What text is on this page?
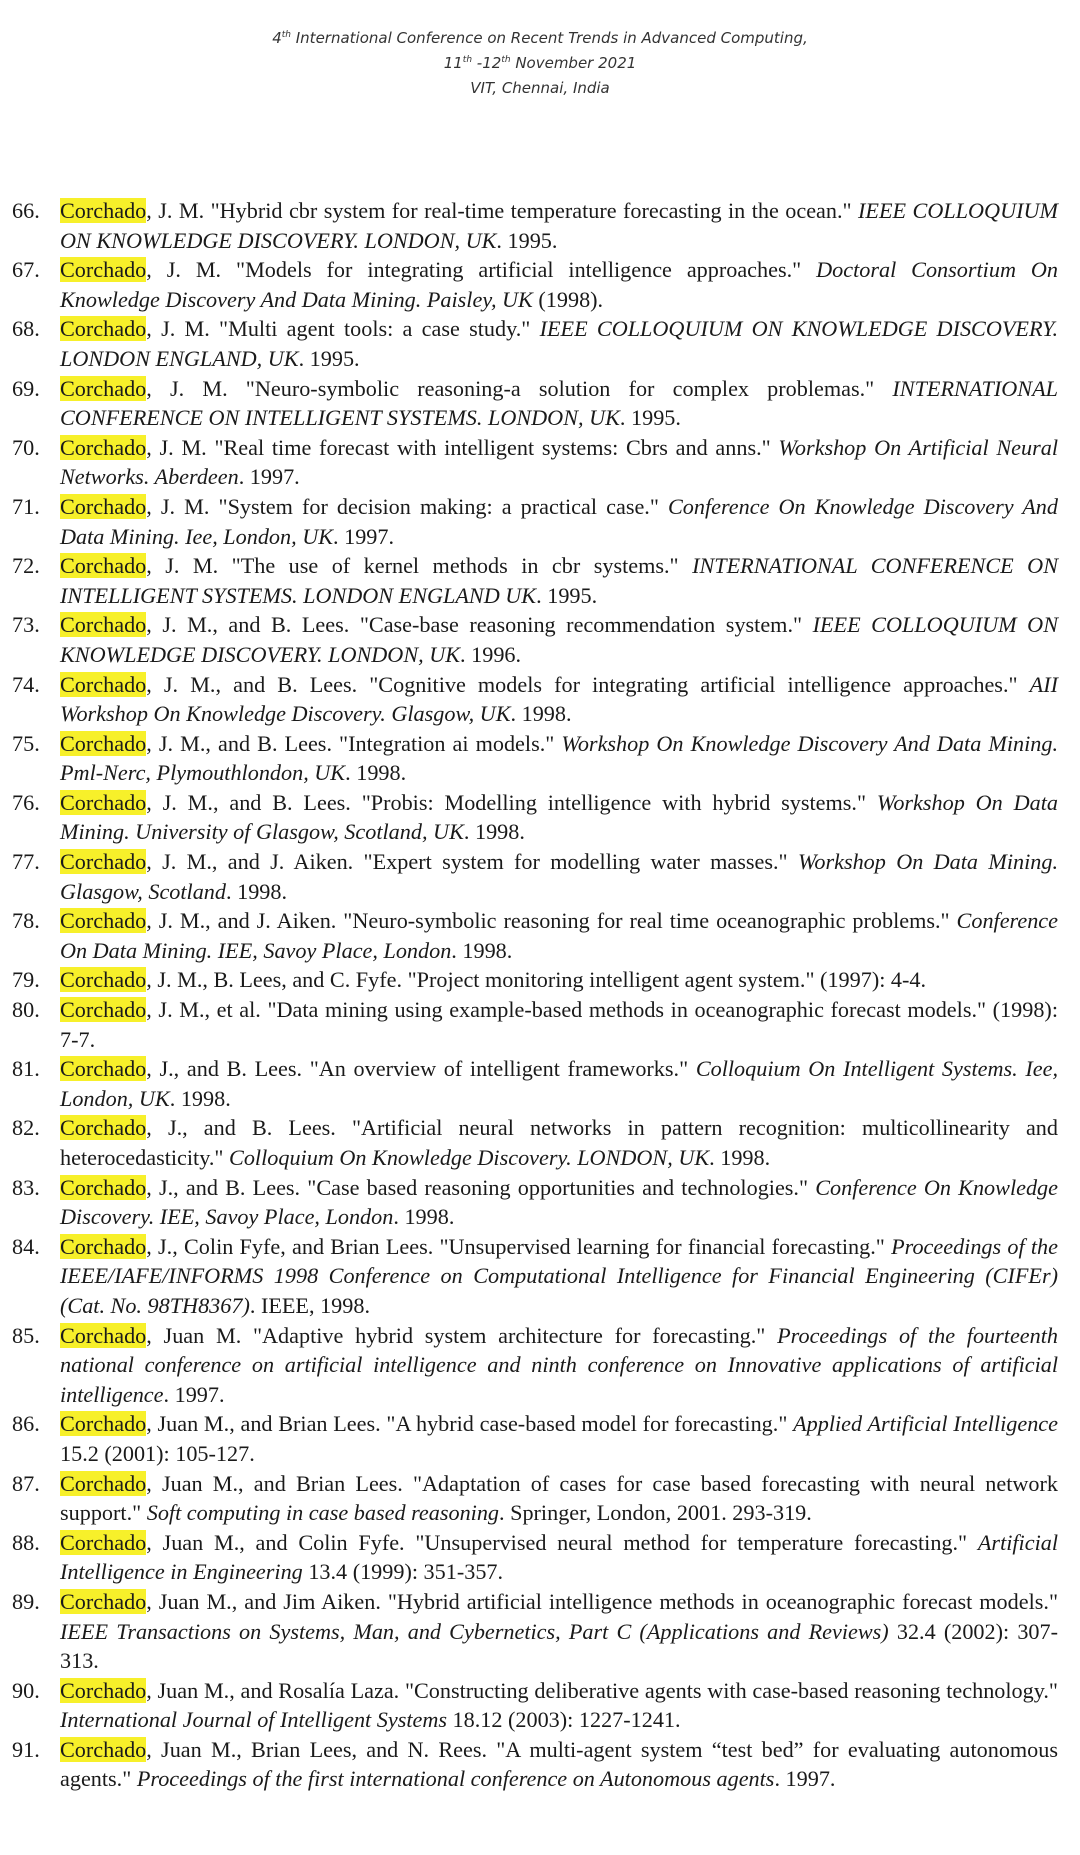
4th International Conference on Recent Trends in Advanced Computing,
11th -12th November 2021
VIT, Chennai, India
66. Corchado, J. M. "Hybrid cbr system for real-time temperature forecasting in the ocean." IEEE COLLOQUIUM ON KNOWLEDGE DISCOVERY. LONDON, UK. 1995.
67. Corchado, J. M. "Models for integrating artificial intelligence approaches." Doctoral Consortium On Knowledge Discovery And Data Mining. Paisley, UK (1998).
68. Corchado, J. M. "Multi agent tools: a case study." IEEE COLLOQUIUM ON KNOWLEDGE DISCOVERY. LONDON ENGLAND, UK. 1995.
69. Corchado, J. M. "Neuro-symbolic reasoning-a solution for complex problemas." INTERNATIONAL CONFERENCE ON INTELLIGENT SYSTEMS. LONDON, UK. 1995.
70. Corchado, J. M. "Real time forecast with intelligent systems: Cbrs and anns." Workshop On Artificial Neural Networks. Aberdeen. 1997.
71. Corchado, J. M. "System for decision making: a practical case." Conference On Knowledge Discovery And Data Mining. Iee, London, UK. 1997.
72. Corchado, J. M. "The use of kernel methods in cbr systems." INTERNATIONAL CONFERENCE ON INTELLIGENT SYSTEMS. LONDON ENGLAND UK. 1995.
73. Corchado, J. M., and B. Lees. "Case-base reasoning recommendation system." IEEE COLLOQUIUM ON KNOWLEDGE DISCOVERY. LONDON, UK. 1996.
74. Corchado, J. M., and B. Lees. "Cognitive models for integrating artificial intelligence approaches." AII Workshop On Knowledge Discovery. Glasgow, UK. 1998.
75. Corchado, J. M., and B. Lees. "Integration ai models." Workshop On Knowledge Discovery And Data Mining. Pml-Nerc, Plymouthlondon, UK. 1998.
76. Corchado, J. M., and B. Lees. "Probis: Modelling intelligence with hybrid systems." Workshop On Data Mining. University of Glasgow, Scotland, UK. 1998.
77. Corchado, J. M., and J. Aiken. "Expert system for modelling water masses." Workshop On Data Mining. Glasgow, Scotland. 1998.
78. Corchado, J. M., and J. Aiken. "Neuro-symbolic reasoning for real time oceanographic problems." Conference On Data Mining. IEE, Savoy Place, London. 1998.
79. Corchado, J. M., B. Lees, and C. Fyfe. "Project monitoring intelligent agent system." (1997): 4-4.
80. Corchado, J. M., et al. "Data mining using example-based methods in oceanographic forecast models." (1998): 7-7.
81. Corchado, J., and B. Lees. "An overview of intelligent frameworks." Colloquium On Intelligent Systems. Iee, London, UK. 1998.
82. Corchado, J., and B. Lees. "Artificial neural networks in pattern recognition: multicollinearity and heterocedasticity." Colloquium On Knowledge Discovery. LONDON, UK. 1998.
83. Corchado, J., and B. Lees. "Case based reasoning opportunities and technologies." Conference On Knowledge Discovery. IEE, Savoy Place, London. 1998.
84. Corchado, J., Colin Fyfe, and Brian Lees. "Unsupervised learning for financial forecasting." Proceedings of the IEEE/IAFE/INFORMS 1998 Conference on Computational Intelligence for Financial Engineering (CIFEr)(Cat. No. 98TH8367). IEEE, 1998.
85. Corchado, Juan M. "Adaptive hybrid system architecture for forecasting." Proceedings of the fourteenth national conference on artificial intelligence and ninth conference on Innovative applications of artificial intelligence. 1997.
86. Corchado, Juan M., and Brian Lees. "A hybrid case-based model for forecasting." Applied Artificial Intelligence 15.2 (2001): 105-127.
87. Corchado, Juan M., and Brian Lees. "Adaptation of cases for case based forecasting with neural network support." Soft computing in case based reasoning. Springer, London, 2001. 293-319.
88. Corchado, Juan M., and Colin Fyfe. "Unsupervised neural method for temperature forecasting." Artificial Intelligence in Engineering 13.4 (1999): 351-357.
89. Corchado, Juan M., and Jim Aiken. "Hybrid artificial intelligence methods in oceanographic forecast models." IEEE Transactions on Systems, Man, and Cybernetics, Part C (Applications and Reviews) 32.4 (2002): 307-313.
90. Corchado, Juan M., and Rosalía Laza. "Constructing deliberative agents with case-based reasoning technology." International Journal of Intelligent Systems 18.12 (2003): 1227-1241.
91. Corchado, Juan M., Brian Lees, and N. Rees. "A multi-agent system “test bed” for evaluating autonomous agents." Proceedings of the first international conference on Autonomous agents. 1997.
